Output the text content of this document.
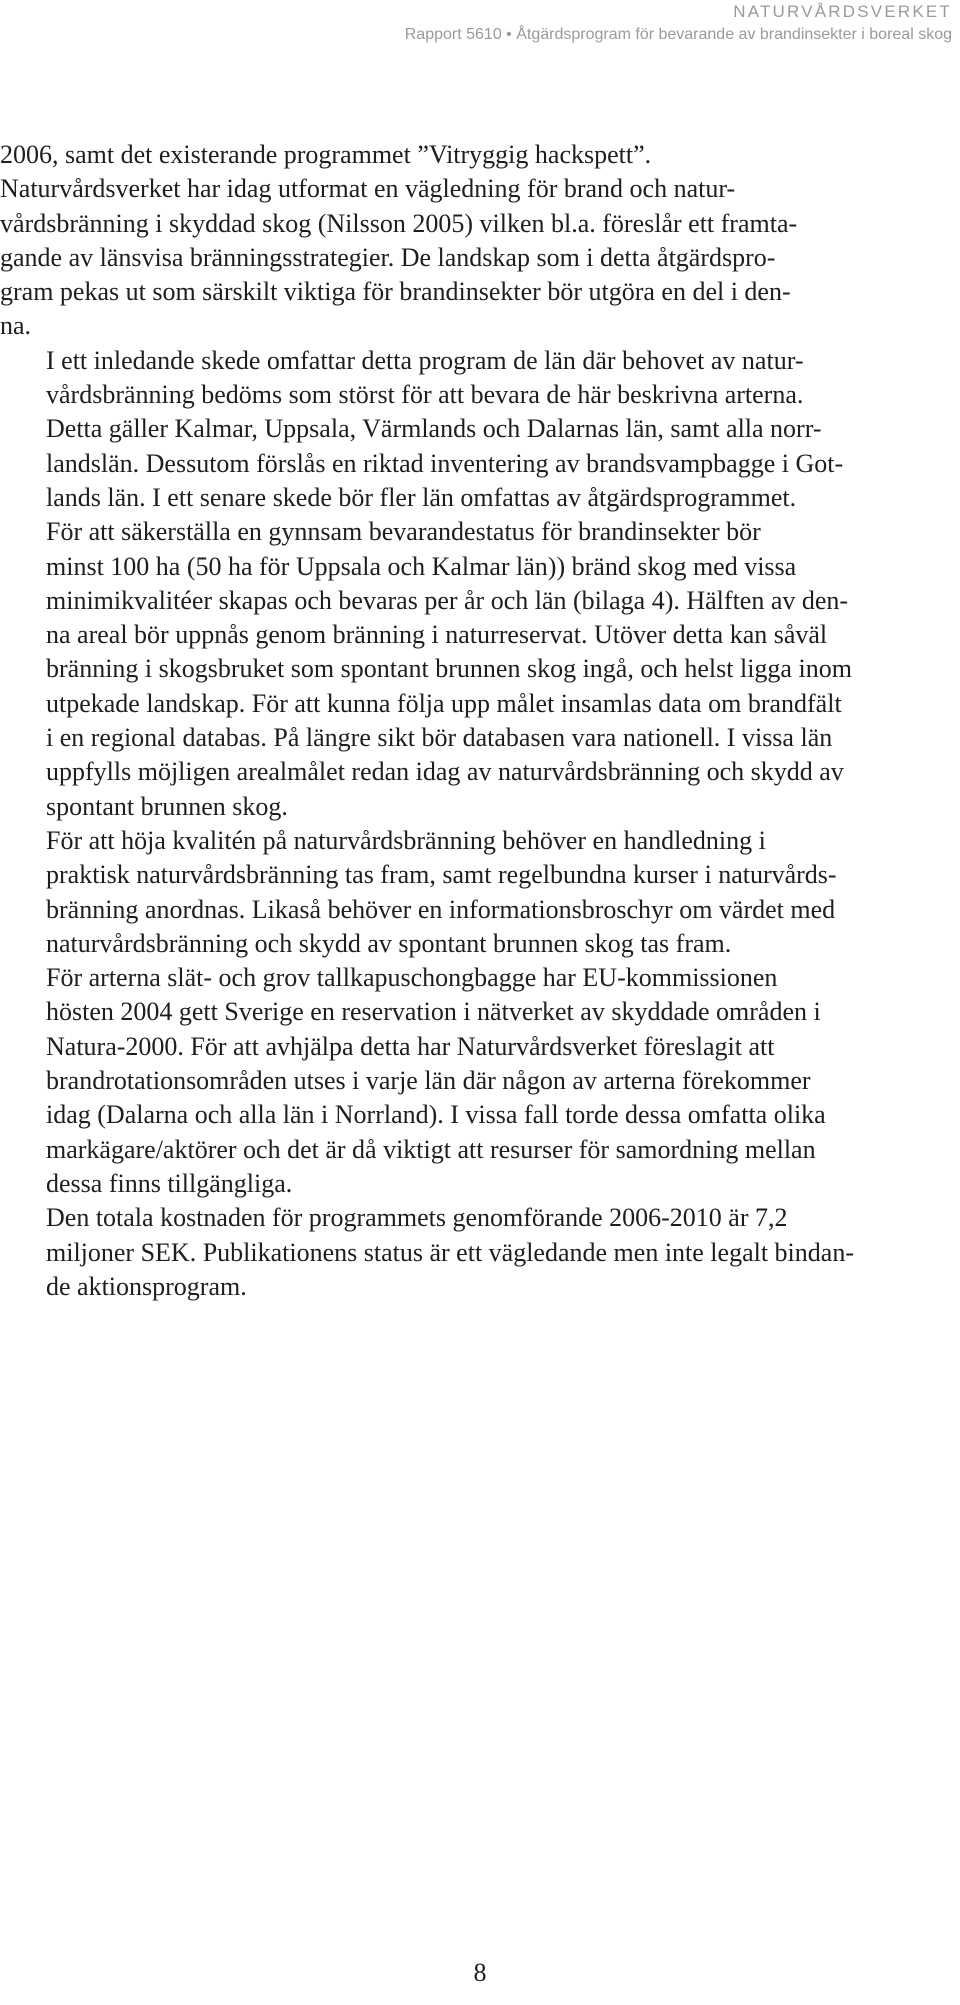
NATURVÅRDSVERKET
Rapport 5610 • Åtgärdsprogram för bevarande av brandinsekter i boreal skog

2006, samt det existerande programmet ”Vitryggig hackspett”.
Naturvårdsverket har idag utformat en vägledning för brand och natur-
vårdsbränning i skyddad skog (Nilsson 2005) vilken bl.a. föreslår ett framta-
gande av länsvisa bränningsstrategier. De landskap som i detta åtgärdspro-
gram pekas ut som särskilt viktiga för brandinsekter bör utgöra en del i den-
na.

I ett inledande skede omfattar detta program de län där behovet av natur-
vårdsbränning bedöms som störst för att bevara de här beskrivna arterna.
Detta gäller Kalmar, Uppsala, Värmlands och Dalarnas län, samt alla norr-
landslän. Dessutom förslås en riktad inventering av brandsvampbagge i Got-
lands län. I ett senare skede bör fler län omfattas av åtgärdsprogrammet.

För att säkerställa en gynnsam bevarandestatus för brandinsekter bör
minst 100 ha (50 ha för Uppsala och Kalmar län)) bränd skog med vissa
minimikvalitéer skapas och bevaras per år och län (bilaga 4). Hälften av den-
na areal bör uppnås genom bränning i naturreservat. Utöver detta kan såväl
bränning i skogsbruket som spontant brunnen skog ingå, och helst ligga inom
utpekade landskap. För att kunna följa upp målet insamlas data om brandfält
i en regional databas. På längre sikt bör databasen vara nationell. I vissa län
uppfylls möjligen arealmålet redan idag av naturvårdsbränning och skydd av
spontant brunnen skog.

För att höja kvalitén på naturvårdsbränning behöver en handledning i
praktisk naturvårdsbränning tas fram, samt regelbundna kurser i naturvårds-
bränning anordnas. Likaså behöver en informationsbroschyr om värdet med
naturvårdsbränning och skydd av spontant brunnen skog tas fram.

För arterna slät- och grov tallkapuschongbagge har EU-kommissionen
hösten 2004 gett Sverige en reservation i nätverket av skyddade områden i
Natura-2000. För att avhjälpa detta har Naturvårdsverket föreslagit att
brandrotationsområden utses i varje län där någon av arterna förekommer
idag (Dalarna och alla län i Norrland). I vissa fall torde dessa omfatta olika
markägare/aktörer och det är då viktigt att resurser för samordning mellan
dessa finns tillgängliga.

Den totala kostnaden för programmets genomförande 2006-2010 är 7,2
miljoner SEK. Publikationens status är ett vägledande men inte legalt bindan-
de aktionsprogram.

8
